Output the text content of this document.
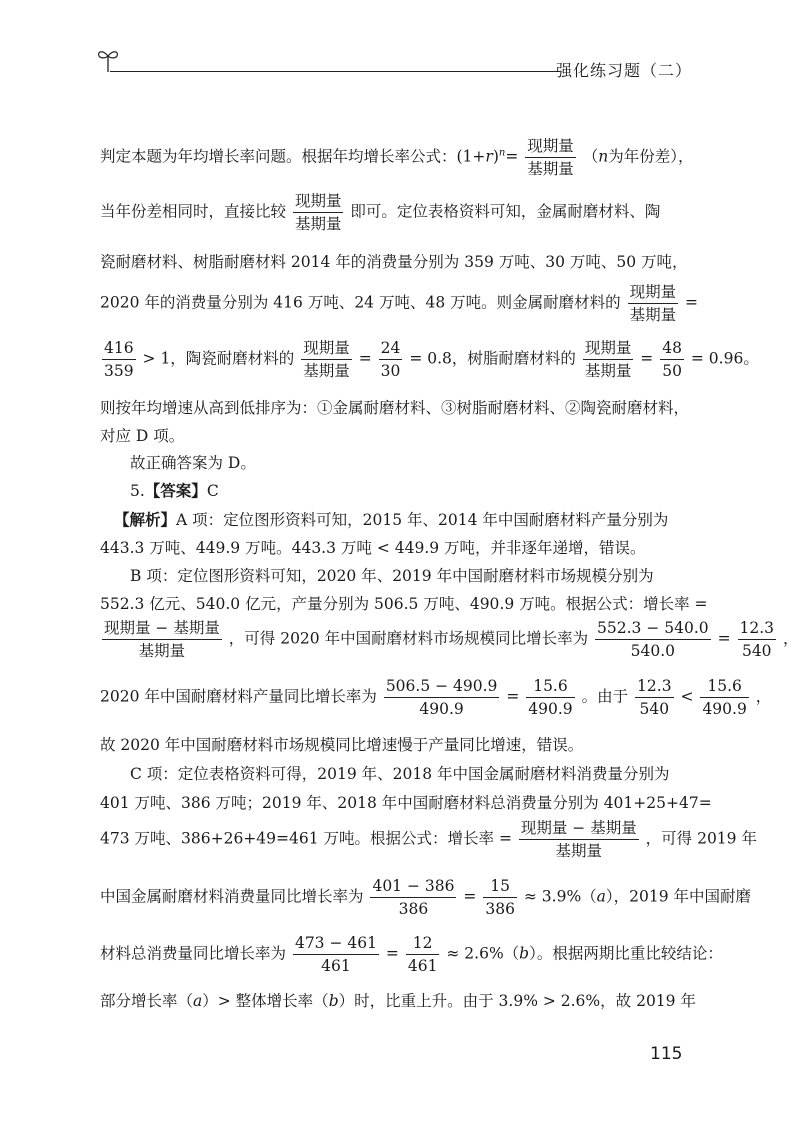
强化练习题（二）
判定本题为年均增长率问题。根据年均增长率公式：$(1+r)^n= \frac{\text{现期量}}{\text{基期量}} (n$为年份差），
当年份差相同时，直接比较 $\frac{\text{现期量}}{\text{基期量}}$ 即可。定位表格资料可知，金属耐磨材料、陶
瓷耐磨材料、树脂耐磨材料 2014 年的消费量分别为 359 万吨、30 万吨、50 万吨，
2020 年的消费量分别为 416 万吨、24 万吨、48 万吨。则金属耐磨材料的 $\frac{\text{现期量}}{\text{基期量}}$ =
$\frac{416}{359} > 1$，陶瓷耐磨材料的 $\frac{\text{现期量}}{\text{基期量}} = \frac{24}{30} = 0.8$，树脂耐磨材料的 $\frac{\text{现期量}}{\text{基期量}} = \frac{48}{50} = 0.96$。
则按年均增速从高到低排序为：①金属耐磨材料、③树脂耐磨材料、②陶瓷耐磨材料，
对应 D 项。
故正确答案为 D。
5.【答案】C
【解析】A 项：定位图形资料可知，2015 年、2014 年中国耐磨材料产量分别为
443.3 万吨、449.9 万吨。443.3 万吨 < 449.9 万吨，并非逐年递增，错误。
B 项：定位图形资料可知，2020 年、2019 年中国耐磨材料市场规模分别为
552.3 亿元、540.0 亿元，产量分别为 506.5 万吨、490.9 万吨。根据公式：增长率 =
$\frac{\text{现期量 − 基期量}}{\text{基期量}}$ ，可得 2020 年中国耐磨材料市场规模同比增长率为 $\frac{552.3 - 540.0}{540.0} = \frac{12.3}{540}$ ，
2020 年中国耐磨材料产量同比增长率为 $\frac{506.5 - 490.9}{490.9} = \frac{15.6}{490.9}$ 。由于 $\frac{12.3}{540} < \frac{15.6}{490.9}$ ，
故 2020 年中国耐磨材料市场规模同比增速慢于产量同比增速，错误。
C 项：定位表格资料可得，2019 年、2018 年中国金属耐磨材料消费量分别为
401 万吨、386 万吨；2019 年、2018 年中国耐磨材料总消费量分别为 401+25+47=
473 万吨、386+26+49=461 万吨。根据公式：增长率 = $\frac{\text{现期量 − 基期量}}{\text{基期量}}$ ，可得 2019 年
中国金属耐磨材料消费量同比增长率为 $\frac{401 - 386}{386} = \frac{15}{386} \approx 3.9\%(a)$，2019 年中国耐磨
材料总消费量同比增长率为 $\frac{473 - 461}{461} = \frac{12}{461} \approx 2.6\%(b)$。根据两期比重比较结论：
部分增长率（a）> 整体增长率（b）时，比重上升。由于 3.9% > 2.6%，故 2019 年
115
